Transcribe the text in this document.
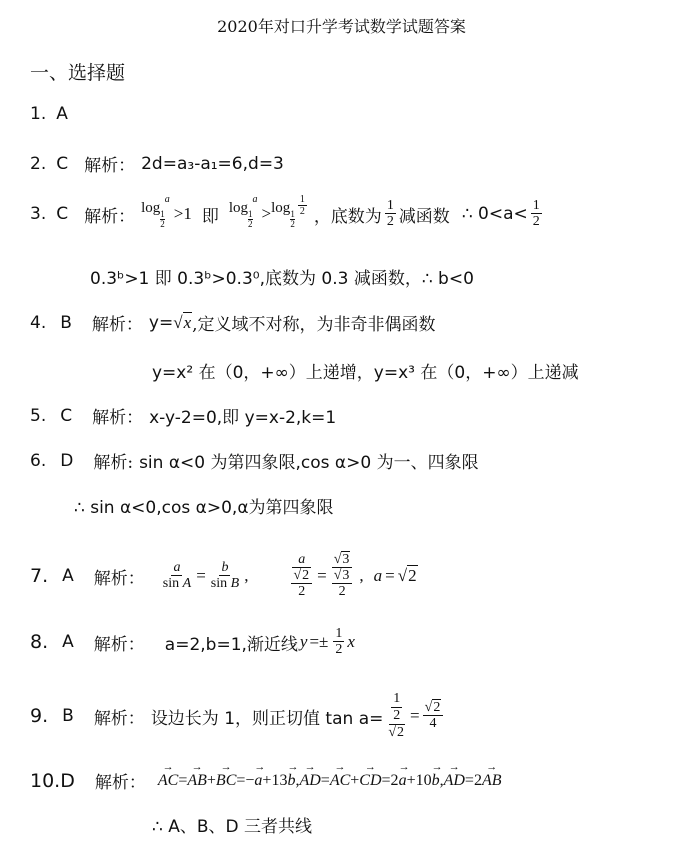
2020年对口升学考试数学试题答案
一、选择题
1. A
2. C 解析： 2d=a₃-a₁=6,d=3
3. C 解析： log 1
2
a
>1 即 log 1
2
a
> log 1
2
$\frac{1}{2}$ ，底数为 $\frac{1}{2}$ 减函数 ∴ $0<a< \frac{1}{2}$
0.3ᵇ>1 即 0.3ᵇ>0.3⁰,底数为 0.3 减函数，∴ b<0
4. B 解析： y= √x ,定义域不对称，为非奇非偶函数
y=x² 在（0，+∞）上递增，y=x³ 在（0，+∞）上递减
5. C 解析： x-y-2=0,即 y=x-2,k=1
6. D 解析: sin α<0 为第四象限,cos α>0 为一、四象限
∴ sin α<0,cos α>0,α为第四象限
7. A 解析： $\frac{a}{\text{sin A}} = \frac{b}{\text{sin B}}$ ,	$\frac{a}{\frac{√2}{2}} = \frac{√3}{\frac{√3}{2}}$ , a = √2
8. A 解析： a=2,b=1,渐近线 $y =\pm \frac{1}{2}$ x
9. B 解析： 设边长为 1，则正切值 $\tan a= \frac{\frac{1}{2}}{√2} = \frac{√2}{4}$
10. D 解析：
→ AC=→ AB+→ BC=−→ a+13→ b,→ AD=→ AC+→ CD=2→ a+10→ b,→ AD=2→ AB
∴ A、B、D 三者共线
